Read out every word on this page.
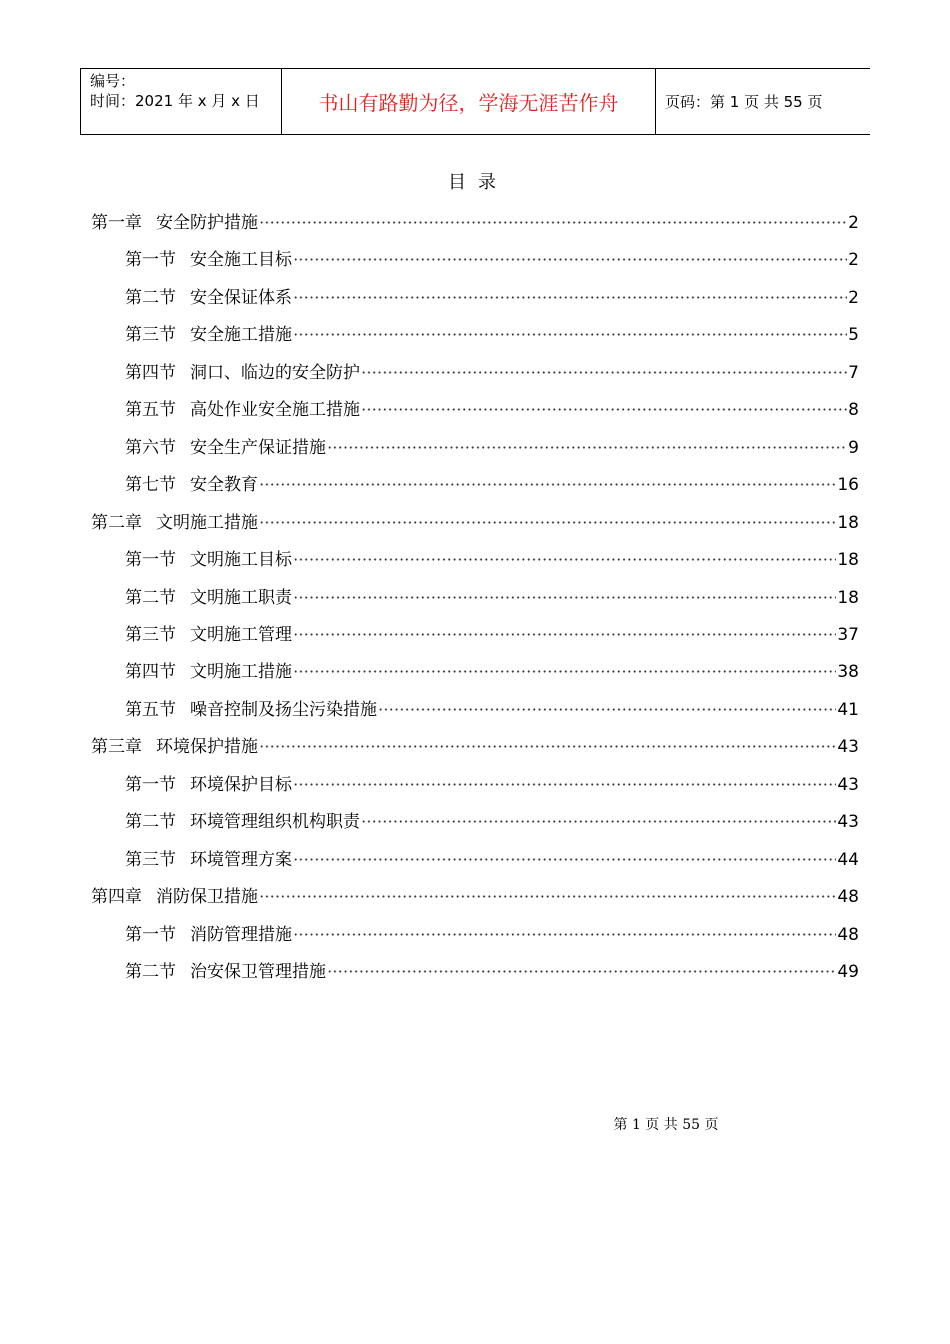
编号：
时间：2021 年 x 月 x 日	书山有路勤为径，学海无涯苦作舟	页码：第 1 页 共 55 页
目录
第一章 安全防护措施	2
第一节 安全施工目标	2
第二节 安全保证体系	2
第三节 安全施工措施	5
第四节 洞口、临边的安全防护	7
第五节 高处作业安全施工措施	8
第六节 安全生产保证措施	9
第七节 安全教育	16
第二章 文明施工措施	18
第一节 文明施工目标	18
第二节 文明施工职责	18
第三节 文明施工管理	37
第四节 文明施工措施	38
第五节 噪音控制及扬尘污染措施	41
第三章 环境保护措施	43
第一节 环境保护目标	43
第二节 环境管理组织机构职责	43
第三节 环境管理方案	44
第四章 消防保卫措施	48
第一节 消防管理措施	48
第二节 治安保卫管理措施	49
第 1 页 共 55 页
